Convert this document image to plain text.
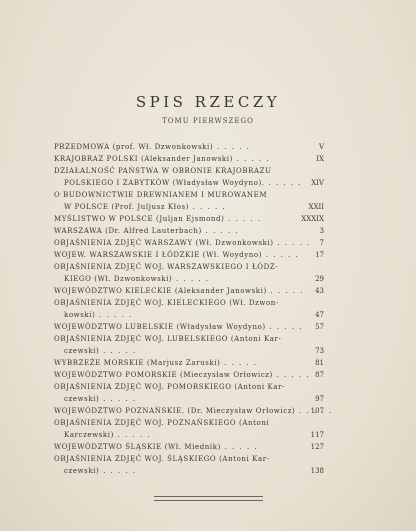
SPIS RZECZY
TOMU PIERWSZEGO
PRZEDMOWA (prof. Wł. Dzwonkowski) . . .	V
KRAJOBRAZ POLSKI (Aleksander Janowski) . . .	IX
DZIAŁALNOŚĆ PAŃSTWA W OBRONIE KRAJOBRAZU
POLSKIEGO I ZABYTKÓW (Władysław Woydyno). . . .	XIV
O BUDOWNICTWIE DREWNIANEM I MUROWANEM
W POLSCE (Prof. Juljusz Kłos) . . .	XXII
MYŚLISTWO W POLSCE (Juljan Ejsmond) . . .	XXXIX
WARSZAWA (Dr. Alfred Lauterbach) . . .	3
OBJAŚNIENIA ZDJĘĆ WARSZAWY (Wł. Dzwonkowski) . . .	7
WOJEW. WARSZAWSKIE I ŁÓDZKIE (Wł. Woydyno) . . .	17
OBJAŚNIENIA ZDJĘĆ WOJ. WARSZAWSKIEGO I ŁÓDZ-
KIEGO (Wł. Dzwonkowski) . . .	29
WOJEWÓDZTWO KIELECKIE (Aleksander Janowski) . . .	43
OBJAŚNIENIA ZDJĘĆ WOJ. KIELECKIEGO (Wł. Dzwon-
kowski) . . .	47
WOJEWÓDZTWO LUBELSKIE (Władysław Woydyno) . . .	57
OBJAŚNIENIA ZDJĘĆ WOJ. LUBELSKIEGO (Antoni Kar-
czewski) . . .	73
WYBRZEŻE MORSKIE (Marjusz Zaruski) . . .	81
WOJEWÓDZTWO POMORSKIE (Mieczysław Orłowicz) . . .	87
OBJAŚNIENIA ZDJĘĆ WOJ. POMORSKIEGO (Antoni Kar-
czewski) . . .	97
WOJEWÓDZTWO POZNAŃSKIE. (Dr. Mieczysław Orłowicz) . . . 107
OBJAŚNIENIA ZDJĘĆ WOJ. POZNAŃSKIEGO (Antoni
Karczewski) . . .	117
WOJEWÓDZTWO ŚLĄSKIE (Wł. Miednik) . . .	127
OBJAŚNIENIA ZDJĘĆ WOJ. ŚLĄSKIEGO (Antoni Kar-
czewski) . . .	138
